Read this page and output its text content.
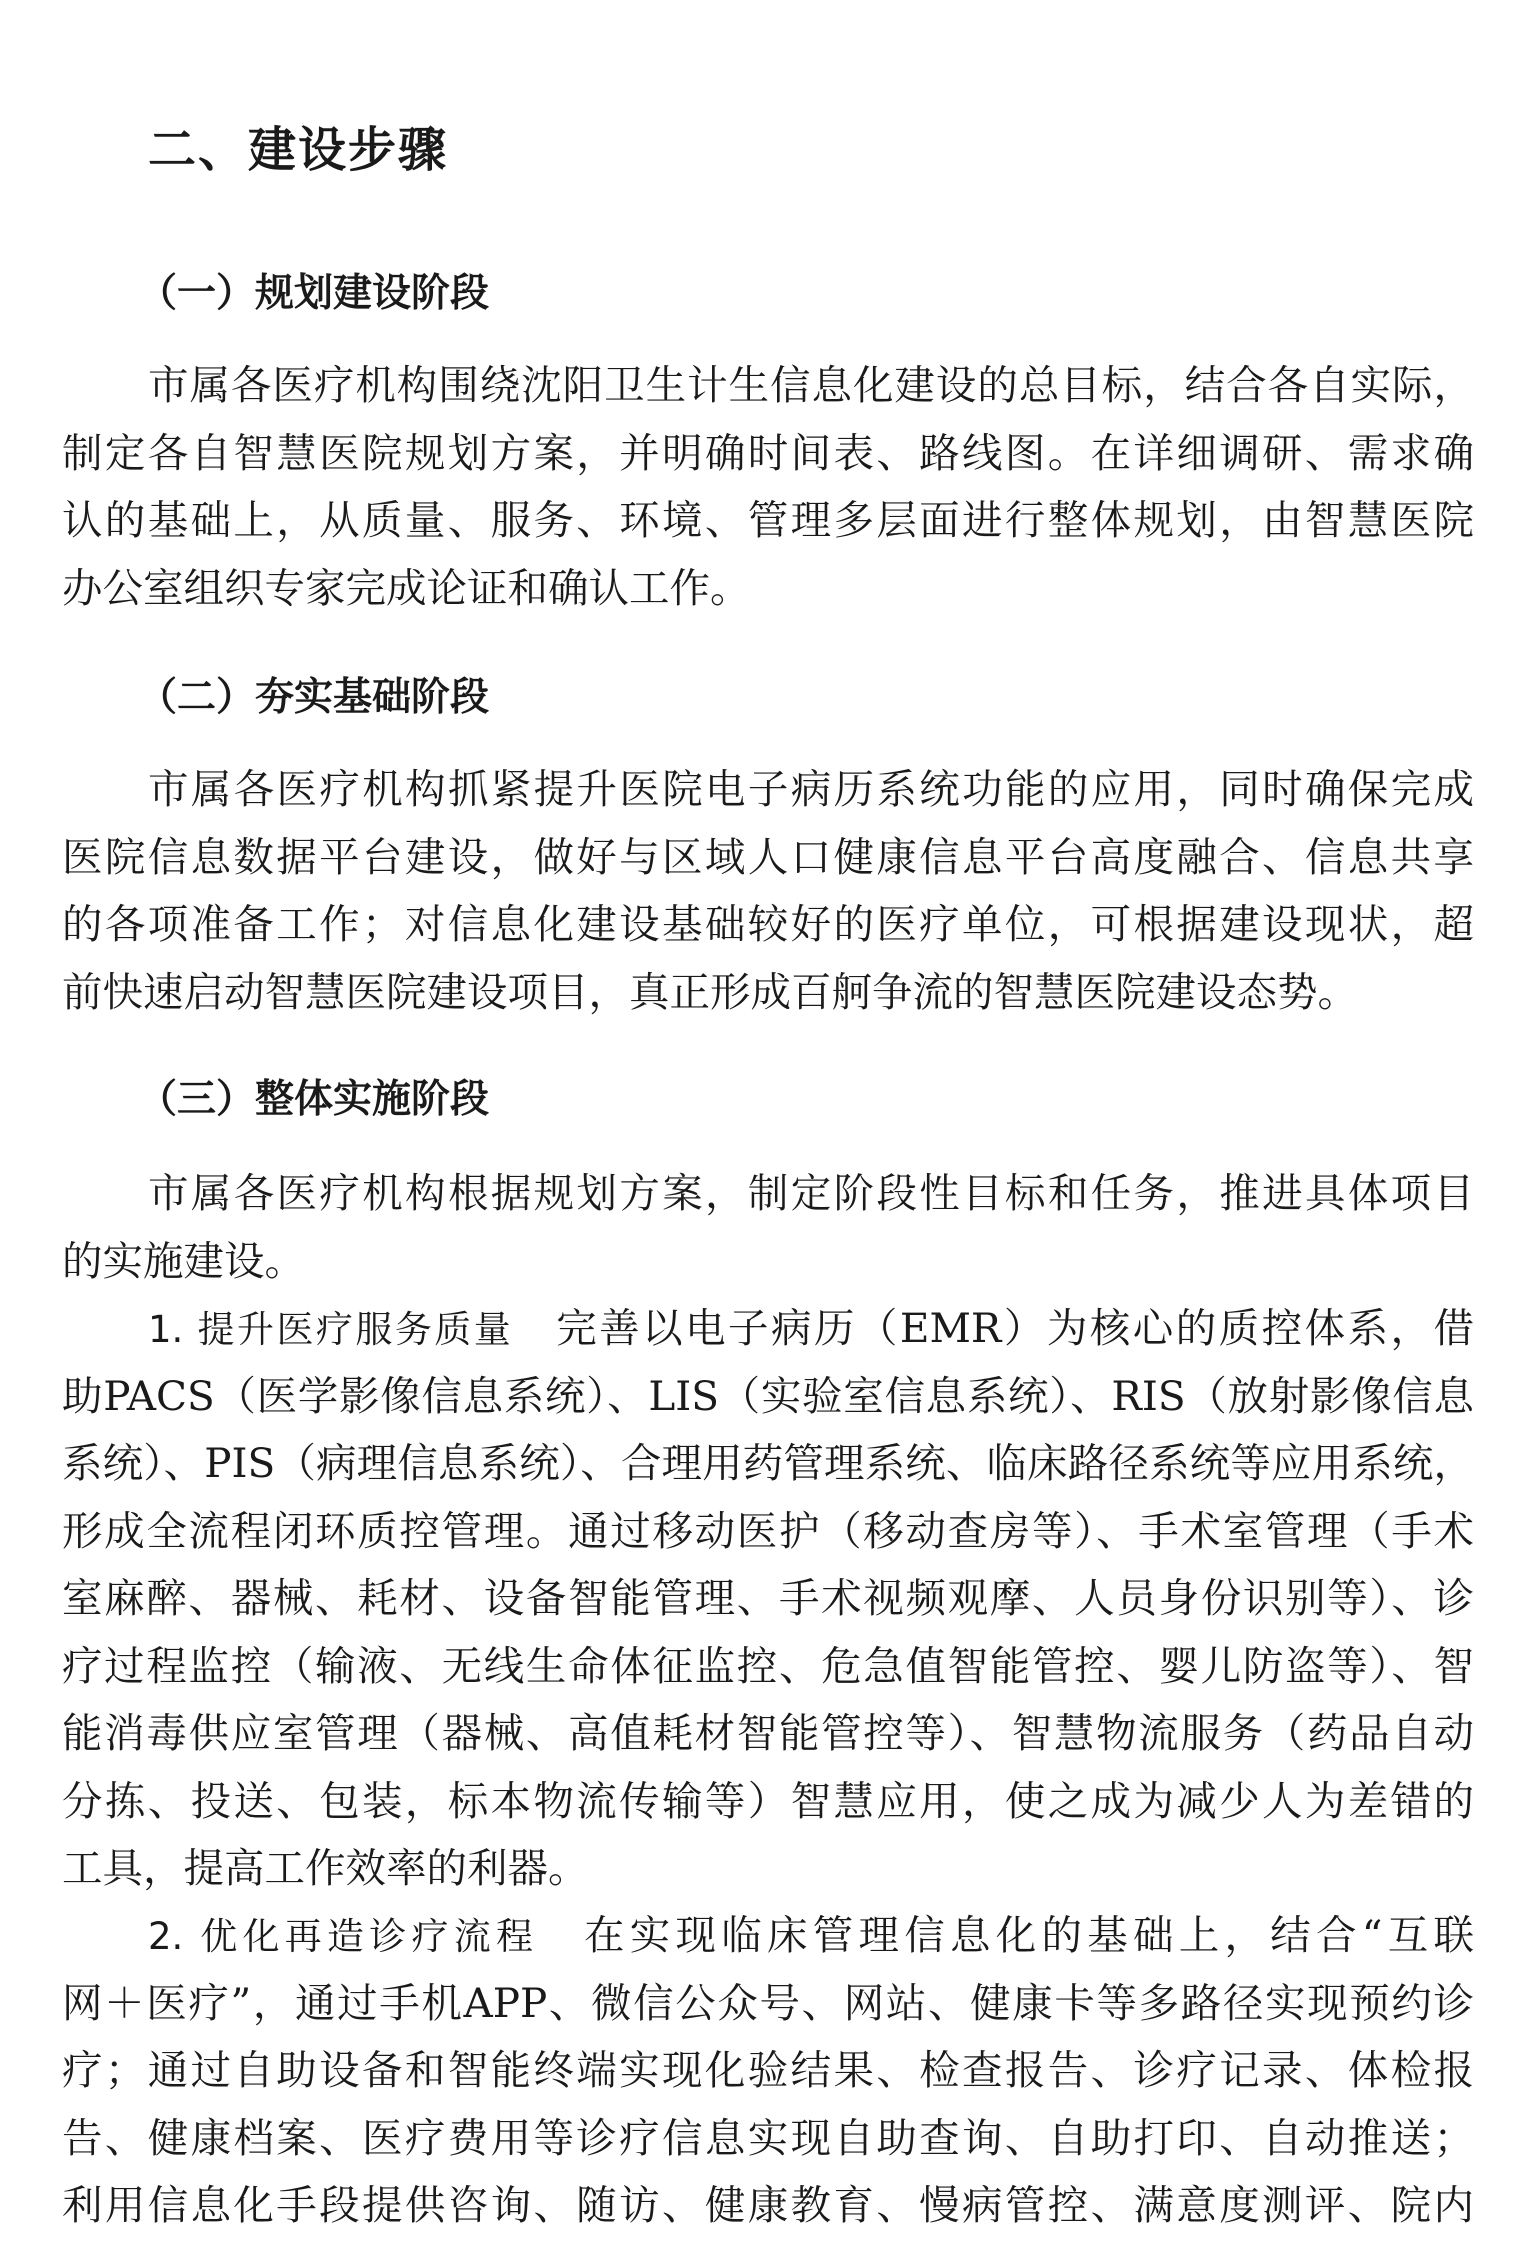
二、建设步骤
（一）规划建设阶段
市属各医疗机构围绕沈阳卫生计生信息化建设的总目标，结合各自实际，
制定各自智慧医院规划方案，并明确时间表、路线图。在详细调研、需求确
认的基础上，从质量、服务、环境、管理多层面进行整体规划，由智慧医院
办公室组织专家完成论证和确认工作。
（二）夯实基础阶段
市属各医疗机构抓紧提升医院电子病历系统功能的应用，同时确保完成
医院信息数据平台建设，做好与区域人口健康信息平台高度融合、信息共享
的各项准备工作；对信息化建设基础较好的医疗单位，可根据建设现状，超
前快速启动智慧医院建设项目，真正形成百舸争流的智慧医院建设态势。
（三）整体实施阶段
市属各医疗机构根据规划方案，制定阶段性目标和任务，推进具体项目
的实施建设。
1. 提升医疗服务质量  完善以电子病历（EMR）为核心的质控体系，借
助PACS（医学影像信息系统）、LIS（实验室信息系统）、RIS（放射影像信息
系统）、PIS（病理信息系统）、合理用药管理系统、临床路径系统等应用系统，
形成全流程闭环质控管理。通过移动医护（移动查房等）、手术室管理（手术
室麻醉、器械、耗材、设备智能管理、手术视频观摩、人员身份识别等）、诊
疗过程监控（输液、无线生命体征监控、危急值智能管控、婴儿防盗等）、智
能消毒供应室管理（器械、高值耗材智能管控等）、智慧物流服务（药品自动
分拣、投送、包装，标本物流传输等）智慧应用，使之成为减少人为差错的
工具，提高工作效率的利器。
2. 优化再造诊疗流程  在实现临床管理信息化的基础上，结合“互联
网＋医疗”，通过手机APP、微信公众号、网站、健康卡等多路径实现预约诊
疗；通过自助设备和智能终端实现化验结果、检查报告、诊疗记录、体检报
告、健康档案、医疗费用等诊疗信息实现自助查询、自助打印、自动推送；
利用信息化手段提供咨询、随访、健康教育、慢病管控、满意度测评、院内
